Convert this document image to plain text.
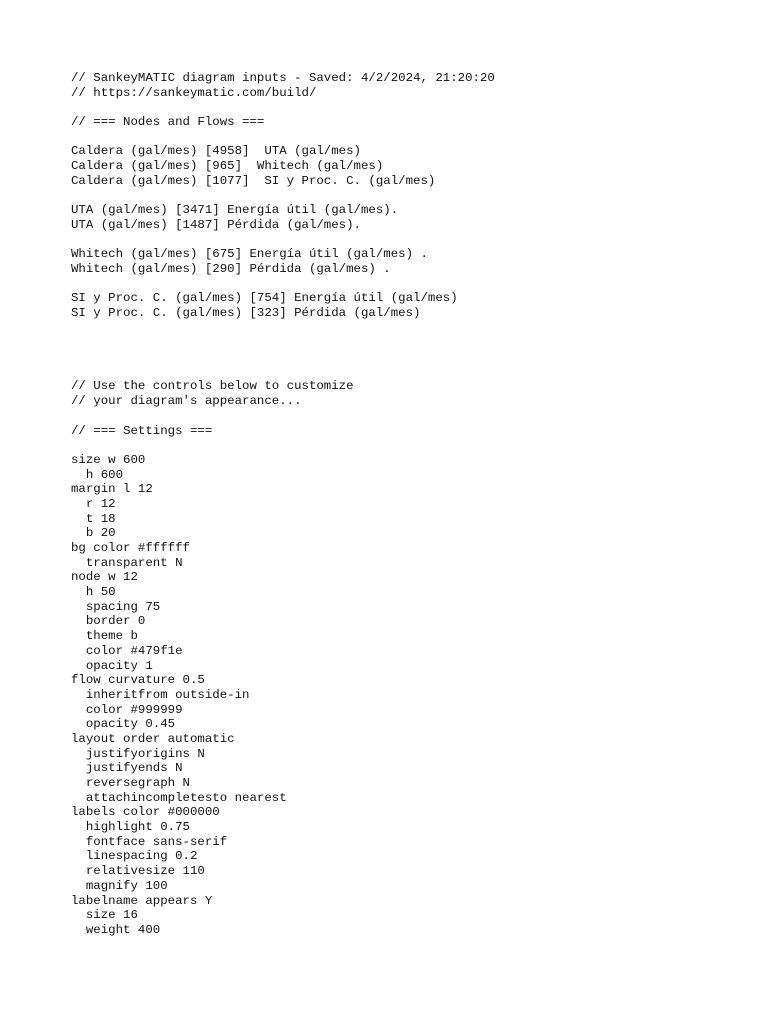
// SankeyMATIC diagram inputs - Saved: 4/2/2024, 21:20:20
// https://sankeymatic.com/build/
// === Nodes and Flows ===
Caldera (gal/mes) [4958]  UTA (gal/mes)
Caldera (gal/mes) [965]  Whitech (gal/mes)
Caldera (gal/mes) [1077]  SI y Proc. C. (gal/mes)
UTA (gal/mes) [3471] Energía útil (gal/mes).
UTA (gal/mes) [1487] Pérdida (gal/mes).
Whitech (gal/mes) [675] Energía útil (gal/mes) .
Whitech (gal/mes) [290] Pérdida (gal/mes) .
SI y Proc. C. (gal/mes) [754] Energía útil (gal/mes)
SI y Proc. C. (gal/mes) [323] Pérdida (gal/mes)
// Use the controls below to customize
// your diagram's appearance...
// === Settings ===
size w 600
h 600
margin l 12
r 12
t 18
b 20
bg color #ffffff
transparent N
node w 12
h 50
spacing 75
border 0
theme b
color #479f1e
opacity 1
flow curvature 0.5
inheritfrom outside-in
color #999999
opacity 0.45
layout order automatic
justifyorigins N
justifyends N
reversegraph N
attachincompletesto nearest
labels color #000000
highlight 0.75
fontface sans-serif
linespacing 0.2
relativesize 110
magnify 100
labelname appears Y
size 16
weight 400
